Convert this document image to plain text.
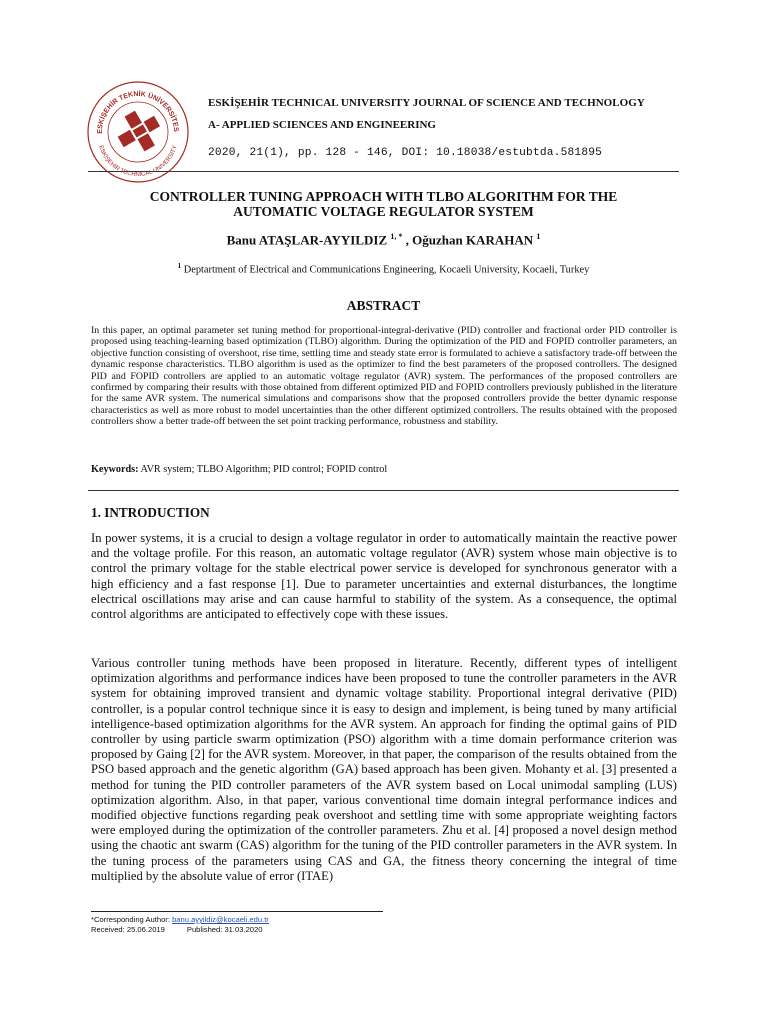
ESKİŞEHİR TEKNİK ÜNİVERSİTES
ESKİŞEHİR TECHNICAL UNIVERSITY
ESKİŞEHİR TECHNICAL UNIVERSITY JOURNAL OF SCIENCE AND TECHNOLOGY
A- APPLIED SCIENCES AND ENGINEERING
2020, 21(1), pp. 128 - 146, DOI: 10.18038/estubtda.581895
CONTROLLER TUNING APPROACH WITH TLBO ALGORITHM FOR THE
AUTOMATIC VOLTAGE REGULATOR SYSTEM
Banu ATAŞLAR-AYYILDIZ $^{1, *}$ , Oğuzhan KARAHAN $^1$
$^1$ Deptartment of Electrical and Communications Engineering, Kocaeli University, Kocaeli, Turkey
ABSTRACT
In this paper, an optimal parameter set tuning method for proportional-integral-derivative (PID) controller and fractional order PID controller is proposed using teaching-learning based optimization (TLBO) algorithm. During the optimization of the PID and FOPID controller parameters, an objective function consisting of overshoot, rise time, settling time and steady state error is formulated to achieve a satisfactory trade-off between the dynamic response characteristics. TLBO algorithm is used as the optimizer to find the best parameters of the proposed controllers. The designed PID and FOPID controllers are applied to an automatic voltage regulator (AVR) system. The performances of the proposed controllers are confirmed by comparing their results with those obtained from different optimized PID and FOPID controllers previously published in the literature for the same AVR system. The numerical simulations and comparisons show that the proposed controllers provide the better dynamic response characteristics as well as more robust to model uncertainties than the other different optimized controllers. The results obtained with the proposed controllers show a better trade-off between the set point tracking performance, robustness and stability.
Keywords: AVR system; TLBO Algorithm; PID control; FOPID control
1. INTRODUCTION
In power systems, it is a crucial to design a voltage regulator in order to automatically maintain the reactive power and the voltage profile. For this reason, an automatic voltage regulator (AVR) system whose main objective is to control the primary voltage for the stable electrical power service is developed for synchronous generator with a high efficiency and a fast response [1]. Due to parameter uncertainties and external disturbances, the longtime electrical oscillations may arise and can cause harmful to stability of the system. As a consequence, the optimal control algorithms are anticipated to effectively cope with these issues.
Various controller tuning methods have been proposed in literature. Recently, different types of intelligent optimization algorithms and performance indices have been proposed to tune the controller parameters in the AVR system for obtaining improved transient and dynamic voltage stability. Proportional integral derivative (PID) controller, is a popular control technique since it is easy to design and implement, is being tuned by many artificial intelligence-based optimization algorithms for the AVR system. An approach for finding the optimal gains of PID controller by using particle swarm optimization (PSO) algorithm with a time domain performance criterion was proposed by Gaing [2] for the AVR system. Moreover, in that paper, the comparison of the results obtained from the PSO based approach and the genetic algorithm (GA) based approach has been given. Mohanty et al. [3] presented a method for tuning the PID controller parameters of the AVR system based on Local unimodal sampling (LUS) optimization algorithm. Also, in that paper, various conventional time domain integral performance indices and modified objective functions regarding peak overshoot and settling time with some appropriate weighting factors were employed during the optimization of the controller parameters. Zhu et al. [4] proposed a novel design method using the chaotic ant swarm (CAS) algorithm for the tuning of the PID controller parameters in the AVR system. In the tuning process of the parameters using CAS and GA, the fitness theory concerning the integral of time multiplied by the absolute value of error (ITAE)
*Corresponding Author: banu.ayyildiz@kocaeli.edu.tr
Received: 25.06.2019	Published: 31.03.2020
